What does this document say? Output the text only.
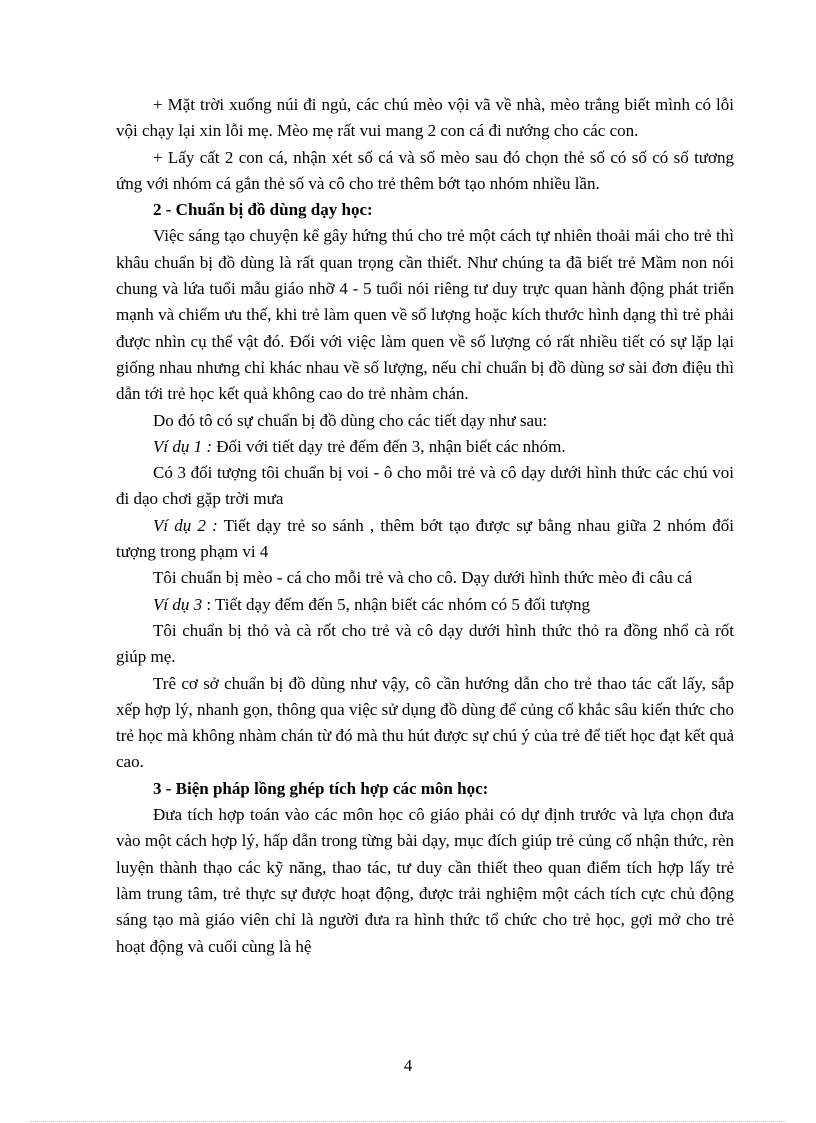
+ Mặt trời xuống núi đi ngủ, các chú mèo vội vã về nhà, mèo trắng biết mình có lỗi vội chạy lại xin lỗi mẹ. Mèo mẹ rất vui mang 2 con cá đi nướng cho các con.

+ Lấy cất 2 con cá, nhận xét số cá và số mèo sau đó chọn thẻ số có số có số tương ứng với nhóm cá gắn thẻ số và cô cho trẻ thêm bớt tạo nhóm nhiều lần.

2 - Chuẩn bị đồ dùng dạy học:

Việc sáng tạo chuyện kể gây hứng thú cho trẻ một cách tự nhiên thoải mái cho trẻ thì khâu chuẩn bị đồ dùng là rất quan trọng cần thiết. Như chúng ta đã biết trẻ Mầm non nói chung và lứa tuổi mẫu giáo nhỡ 4 - 5 tuổi nói riêng tư duy trực quan hành động phát triển mạnh và chiếm ưu thế, khi trẻ làm quen về số lượng hoặc kích thước hình dạng thì trẻ phải được nhìn cụ thể vật đó. Đối với việc làm quen về số lượng có rất nhiều tiết có sự lặp lại giống nhau nhưng chỉ khác nhau về số lượng, nếu chỉ chuẩn bị đồ dùng sơ sài đơn điệu thì dẫn tới trẻ học kết quả không cao do trẻ nhàm chán.

Do đó tô có sự chuẩn bị đồ dùng cho các tiết dạy như sau:

Ví dụ 1 : Đối với tiết dạy trẻ đếm đến 3, nhận biết các nhóm.

Có 3 đối tượng tôi chuẩn bị voi - ô cho mỗi trẻ và cô dạy dưới hình thức các chú voi đi dạo chơi gặp trời mưa

Ví dụ 2 : Tiết dạy trẻ so sánh , thêm bớt tạo được sự bằng nhau giữa 2 nhóm đối tượng trong phạm vi 4

Tôi chuẩn bị mèo - cá cho mỗi trẻ và cho cô. Dạy dưới hình thức mèo đi câu cá

Ví dụ 3 : Tiết dạy đếm đến 5, nhận biết các nhóm có 5 đối tượng

Tôi chuẩn bị thỏ và cà rốt cho trẻ và cô dạy dưới hình thức thỏ ra đồng nhổ cà rốt giúp mẹ.

Trê cơ sở chuẩn bị đồ dùng như vậy, cô cần hướng dẫn cho trẻ thao tác cất lấy, sắp xếp hợp lý, nhanh gọn, thông qua việc sử dụng đồ dùng để củng cố khắc sâu kiến thức cho trẻ học mà không nhàm chán từ đó mà thu hút được sự chú ý của trẻ để tiết học đạt kết quả cao.

3 - Biện pháp lồng ghép tích hợp các môn học:

Đưa tích hợp toán vào các môn học cô giáo phải có dự định trước và lựa chọn đưa vào một cách hợp lý, hấp dẫn trong từng bài dạy, mục đích giúp trẻ củng cố nhận thức, rèn luyện thành thạo các kỹ năng, thao tác, tư duy cần thiết theo quan điểm tích hợp lấy trẻ làm trung tâm, trẻ thực sự được hoạt động, được trải nghiệm một cách tích cực chủ động sáng tạo mà giáo viên chỉ là người đưa ra hình thức tổ chức cho trẻ học, gợi mở cho trẻ hoạt động và cuối cùng là hệ

4
